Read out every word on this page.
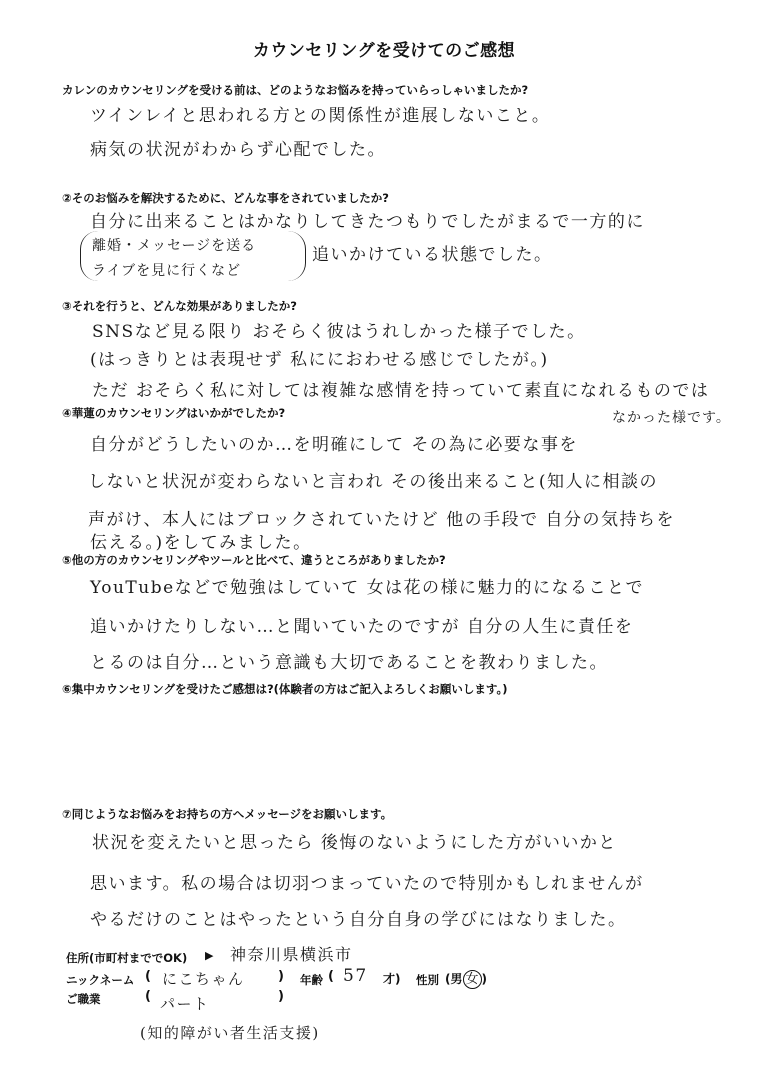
カウンセリングを受けてのご感想
カレンのカウンセリングを受ける前は、どのようなお悩みを持っていらっしゃいましたか?
ツインレイと思われる方との関係性が進展しないこと。
病気の状況がわからず心配でした。
②そのお悩みを解決するために、どんな事をされていましたか?
自分に出来ることはかなりしてきたつもりでしたがまるで一方的に
離婚・メッセージを送る
ライブを見に行くなど
追いかけている状態でした。
③それを行うと、どんな効果がありましたか?
SNSなど見る限り おそらく彼はうれしかった様子でした。
(はっきりとは表現せず 私ににおわせる感じでしたが。)
ただ おそらく私に対しては複雑な感情を持っていて素直になれるものでは
なかった様です。
④華蓮のカウンセリングはいかがでしたか?
自分がどうしたいのか…を明確にして その為に必要な事を
しないと状況が変わらないと言われ その後出来ること(知人に相談の
声がけ、本人にはブロックされていたけど 他の手段で 自分の気持ちを
伝える。)をしてみました。
⑤他の方のカウンセリングやツールと比べて、違うところがありましたか?
YouTubeなどで勉強はしていて 女は花の様に魅力的になることで
追いかけたりしない…と聞いていたのですが 自分の人生に責任を
とるのは自分…という意識も大切であることを教わりました。
⑥集中カウンセリングを受けたご感想は?(体験者の方はご記入よろしくお願いします。)
⑦同じようなお悩みをお持ちの方へメッセージをお願いします。
状況を変えたいと思ったら 後悔のないようにした方がいいかと
思います。私の場合は切羽つまっていたので特別かもしれませんが
やるだけのことはやったという自分自身の学びにはなりました。
住所(市町村まででOK) ▶ 神奈川県横浜市
ニックネーム ( にこちゃん	) 年齢 ( 57 才) 性別 (男 女 )
ご職業	( パート	)
(知的障がい者生活支援)
